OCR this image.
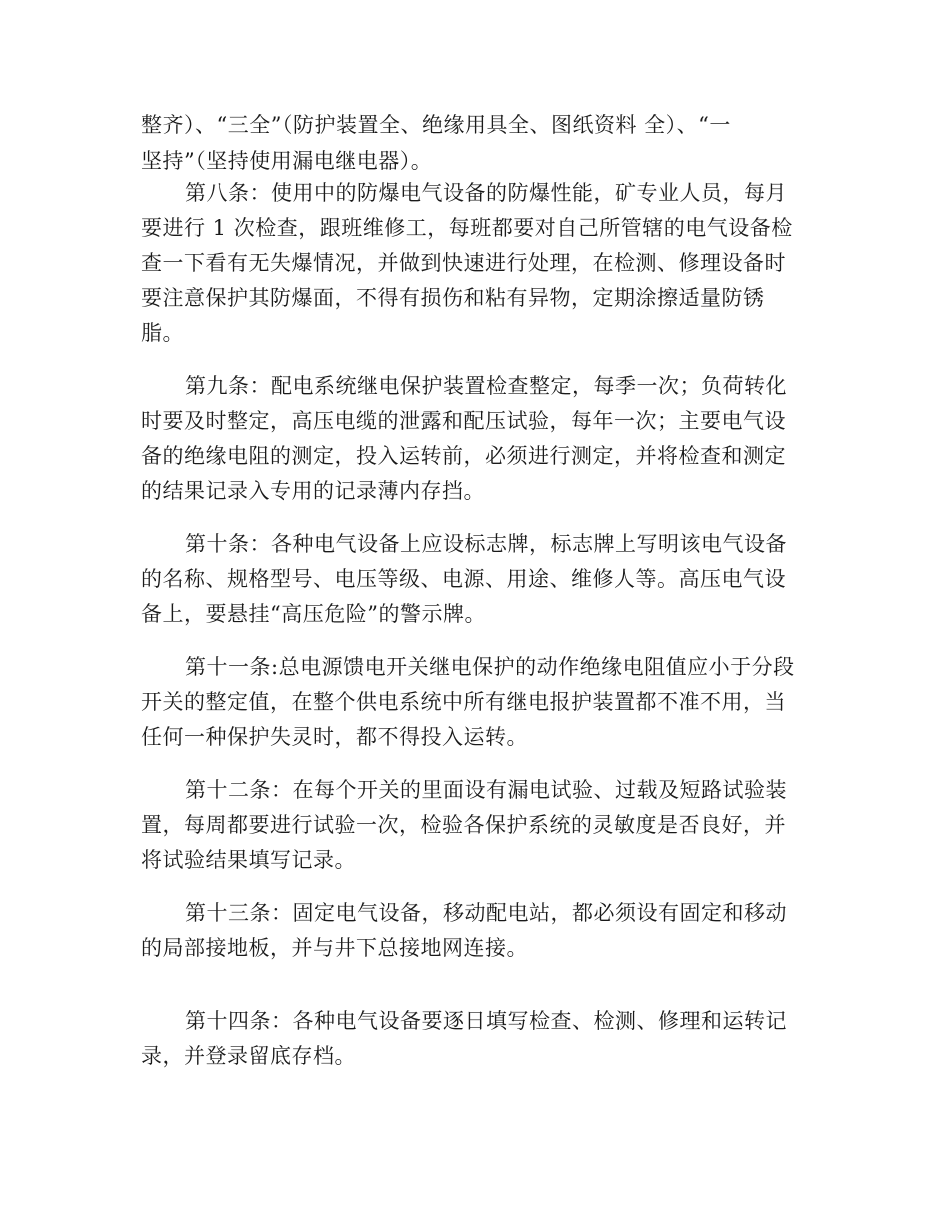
整齐）、“三全”（防护装置全、绝缘用具全、图纸资料 全）、“一
坚持”（坚持使用漏电继电器）。
第八条：使用中的防爆电气设备的防爆性能，矿专业人员，每月
要进行 1 次检查，跟班维修工，每班都要对自己所管辖的电气设备检
查一下看有无失爆情况，并做到快速进行处理，在检测、修理设备时
要注意保护其防爆面，不得有损伤和粘有异物，定期涂擦适量防锈
脂。
第九条：配电系统继电保护装置检查整定，每季一次；负荷转化
时要及时整定，高压电缆的泄露和配压试验，每年一次；主要电气设
备的绝缘电阻的测定，投入运转前，必须进行测定，并将检查和测定
的结果记录入专用的记录薄内存挡。
第十条：各种电气设备上应设标志牌，标志牌上写明该电气设备
的名称、规格型号、电压等级、电源、用途、维修人等。高压电气设
备上，要悬挂“高压危险”的警示牌。
第十一条:总电源馈电开关继电保护的动作绝缘电阻值应小于分段
开关的整定值，在整个供电系统中所有继电报护装置都不准不用，当
任何一种保护失灵时，都不得投入运转。
第十二条：在每个开关的里面设有漏电试验、过载及短路试验装
置，每周都要进行试验一次，检验各保护系统的灵敏度是否良好，并
将试验结果填写记录。
第十三条：固定电气设备，移动配电站，都必须设有固定和移动
的局部接地板，并与井下总接地网连接。
第十四条：各种电气设备要逐日填写检查、检测、修理和运转记
录，并登录留底存档。
